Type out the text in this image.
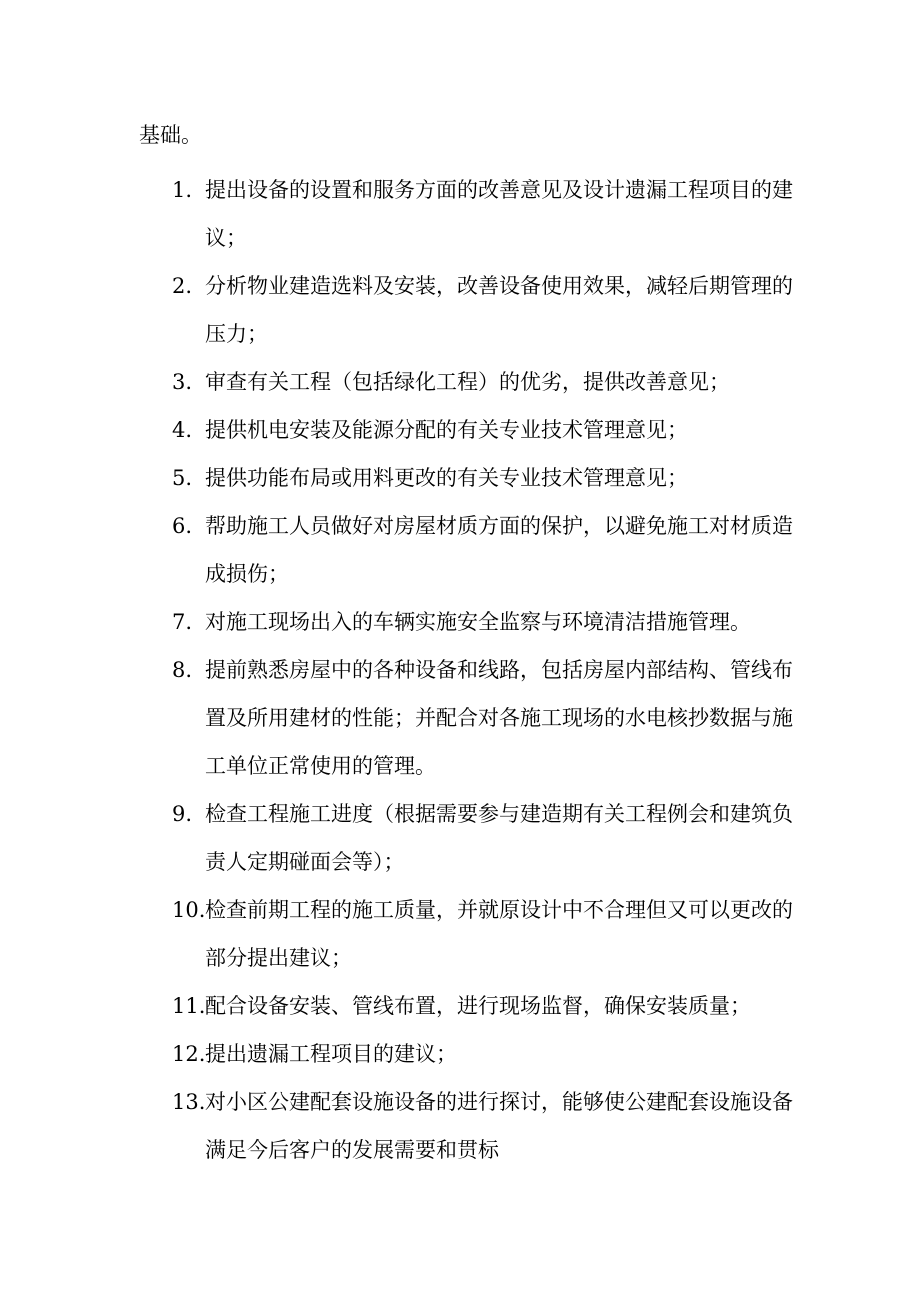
基础。
1. 提出设备的设置和服务方面的改善意见及设计遗漏工程项目的建议；
2. 分析物业建造选料及安装，改善设备使用效果，减轻后期管理的压力；
3. 审查有关工程（包括绿化工程）的优劣，提供改善意见；
4. 提供机电安装及能源分配的有关专业技术管理意见；
5. 提供功能布局或用料更改的有关专业技术管理意见；
6. 帮助施工人员做好对房屋材质方面的保护，以避免施工对材质造成损伤；
7. 对施工现场出入的车辆实施安全监察与环境清洁措施管理。
8. 提前熟悉房屋中的各种设备和线路，包括房屋内部结构、管线布置及所用建材的性能；并配合对各施工现场的水电核抄数据与施工单位正常使用的管理。
9. 检查工程施工进度（根据需要参与建造期有关工程例会和建筑负责人定期碰面会等）；
10. 检查前期工程的施工质量，并就原设计中不合理但又可以更改的部分提出建议；
11. 配合设备安装、管线布置，进行现场监督，确保安装质量；
12. 提出遗漏工程项目的建议；
13. 对小区公建配套设施设备的进行探讨，能够使公建配套设施设备满足今后客户的发展需要和贯标
